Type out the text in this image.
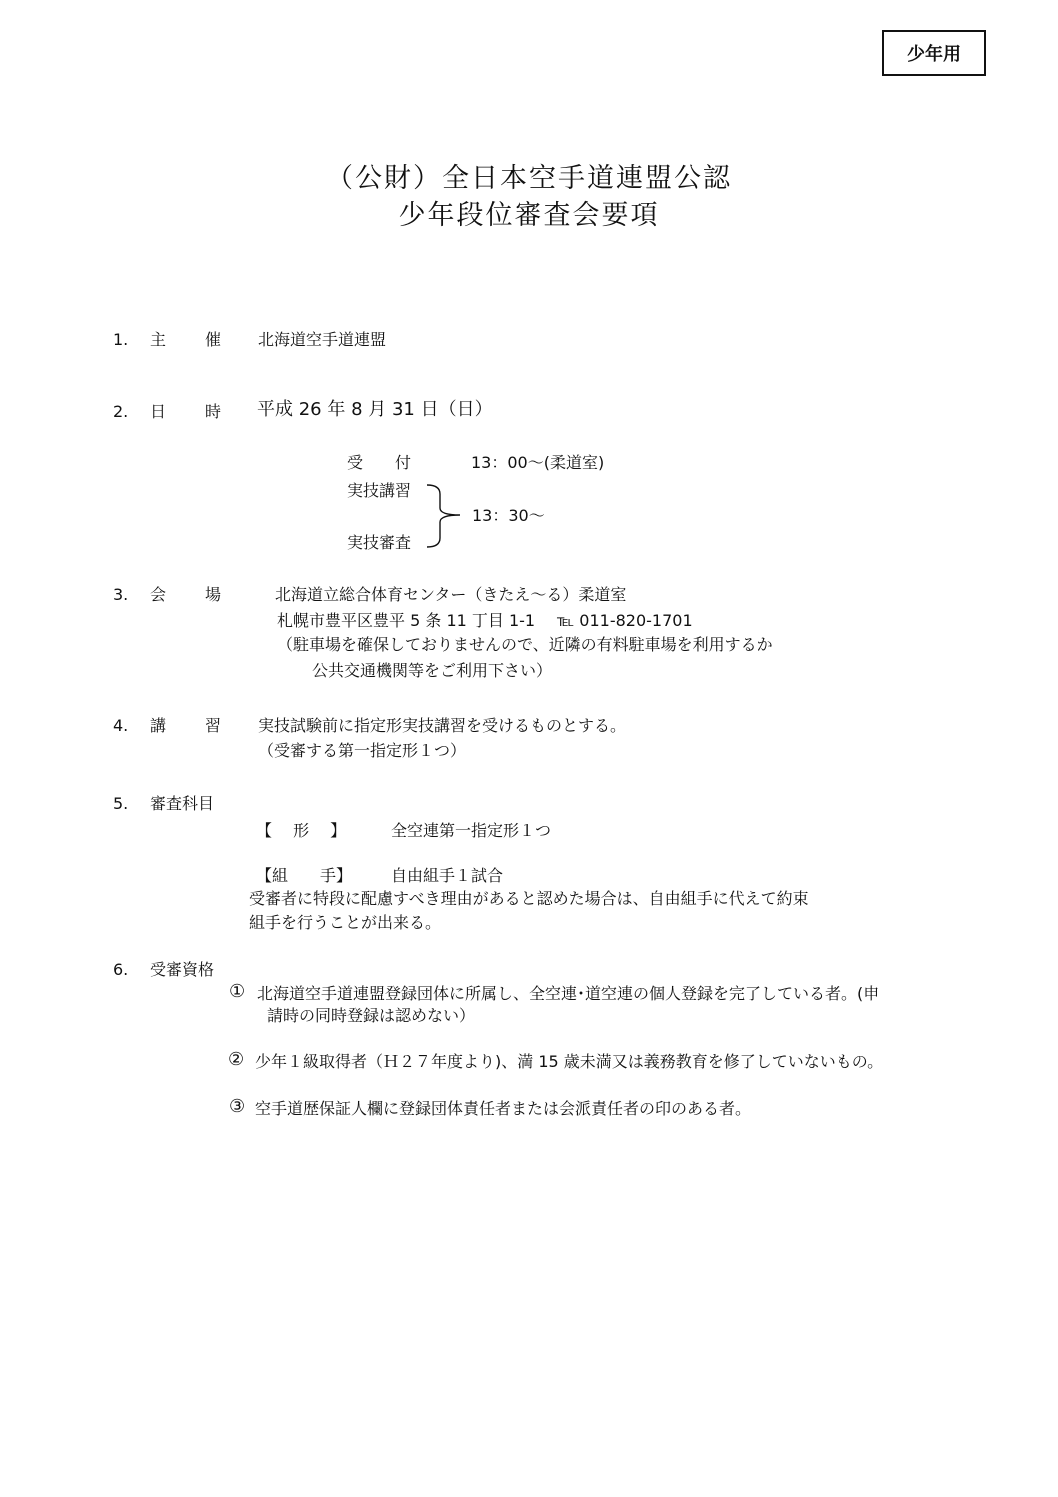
少年用
（公財）全日本空手道連盟公認
少年段位審査会要項
1. 主 催 北海道空手道連盟
2. 日 時 平成 26 年 8 月 31 日（日）
受　　付	13：00～(柔道室)
実技講習
実技審査
13：30～
3. 会 場	北海道立総合体育センター（きたえ～る）柔道室
札幌市豊平区豊平 5 条 11 丁目 1-1 ℡ 011-820-1701
（駐車場を確保しておりませんので、近隣の有料駐車場を利用するか
公共交通機関等をご利用下さい）
4. 講 習 実技試験前に指定形実技講習を受けるものとする。
（受審する第一指定形１つ）
5. 審査科目
【　 形　 】	全空連第一指定形１つ
【組　　手】 自由組手１試合
受審者に特段に配慮すべき理由があると認めた場合は、自由組手に代えて約束
組手を行うことが出来る。
6. 受審資格
① 北海道空手道連盟登録団体に所属し、全空連･道空連の個人登録を完了している者。(申
請時の同時登録は認めない）
② 少年１級取得者（Ｈ２７年度より)、満 15 歳未満又は義務教育を修了していないもの。
③ 空手道歴保証人欄に登録団体責任者または会派責任者の印のある者。
